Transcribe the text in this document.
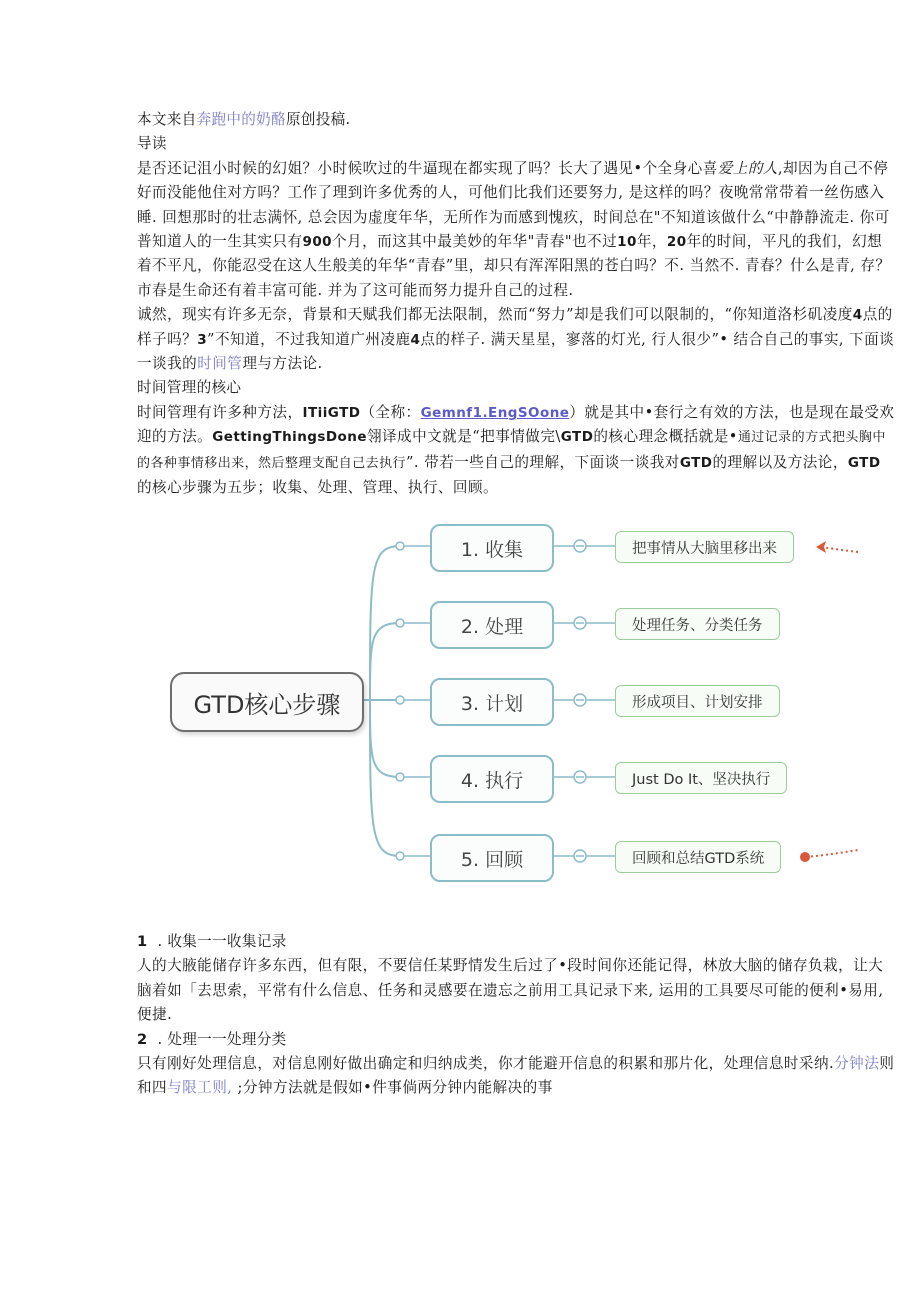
本文来自奔跑中的奶酪原创投稿.

导读

是否还记沮小时候的幻姐？小时候吹过的牛逼现在都实现了吗？长大了遇见•个全身心喜爱上的人,却因为自己不停好而没能他住对方吗？工作了理到许多优秀的人，可他们比我们还要努力, 是这样的吗？夜晚常常带着一丝伤感入睡. 回想那时的壮志满怀, 总会因为虚度年华，无所作为而感到愧疚，时间总在"不知道该做什么“中静静流走. 你可普知道人的一生其实只有900个月，而这其中最美妙的年华"青春"也不过10年，20年的时间，平凡的我们，幻想着不平凡，你能忍受在这人生般美的年华“青春”里，却只有浑浑阳黑的苍白吗？不. 当然不. 青春？什么是青, 存？市春是生命还有着丰富可能. 并为了这可能而努力提升自己的过程.

诚然，现实有许多无奈，背景和天赋我们都无法限制，然而“努力”却是我们可以限制的，“你知道洛杉矶凌度4点的样子吗？3”不知道，不过我知道广州凌鹿4点的样子. 满天星星，寥落的灯光, 行人很少”• 结合自己的事实, 下面谈一谈我的时间管理与方法论.

时间管理的核心

时间管理有许多种方法，ITiiGTD（全称：Gemnf1.EngSOone）就是其中•套行之有效的方法，也是现在最受欢迎的方法。GettingThingsDone翎译成中文就是“把事情做完\GTD的核心理念概括就是•通过记录的方式把头胸中的各种事情移出来，然后整理支配自己去执行”. 带若一些自己的理解，下面谈一谈我对GTD的理解以及方法论，GTD的核心步骤为五步；收集、处理、管理、执行、回顾。

GTD核心步骤
1. 收集
2. 处理
3. 计划
4. 执行
5. 回顾
把事情从大脑里移出来
处理任务、分类任务
形成项目、计划安排
Just Do It、坚决执行
回顾和总结GTD系统

1 . 收集一一收集记录

人的大腋能储存许多东西，但有限，不要信任某野情发生后过了•段时间你还能记得，林放大脑的储存负栽，让大脑着如「去思索，平常有什么信息、任务和灵感要在遗忘之前用工具记录下来, 运用的工具要尽可能的便利•易用, 便捷.

2 . 处理一一处理分类

只有刚好处理信息，对信息刚好做出确定和归纳成类，你才能避开信息的积累和那片化，处理信息时采纳.分钟法则和四与限工则, ;分钟方法就是假如•件事倘两分钟内能解决的事
